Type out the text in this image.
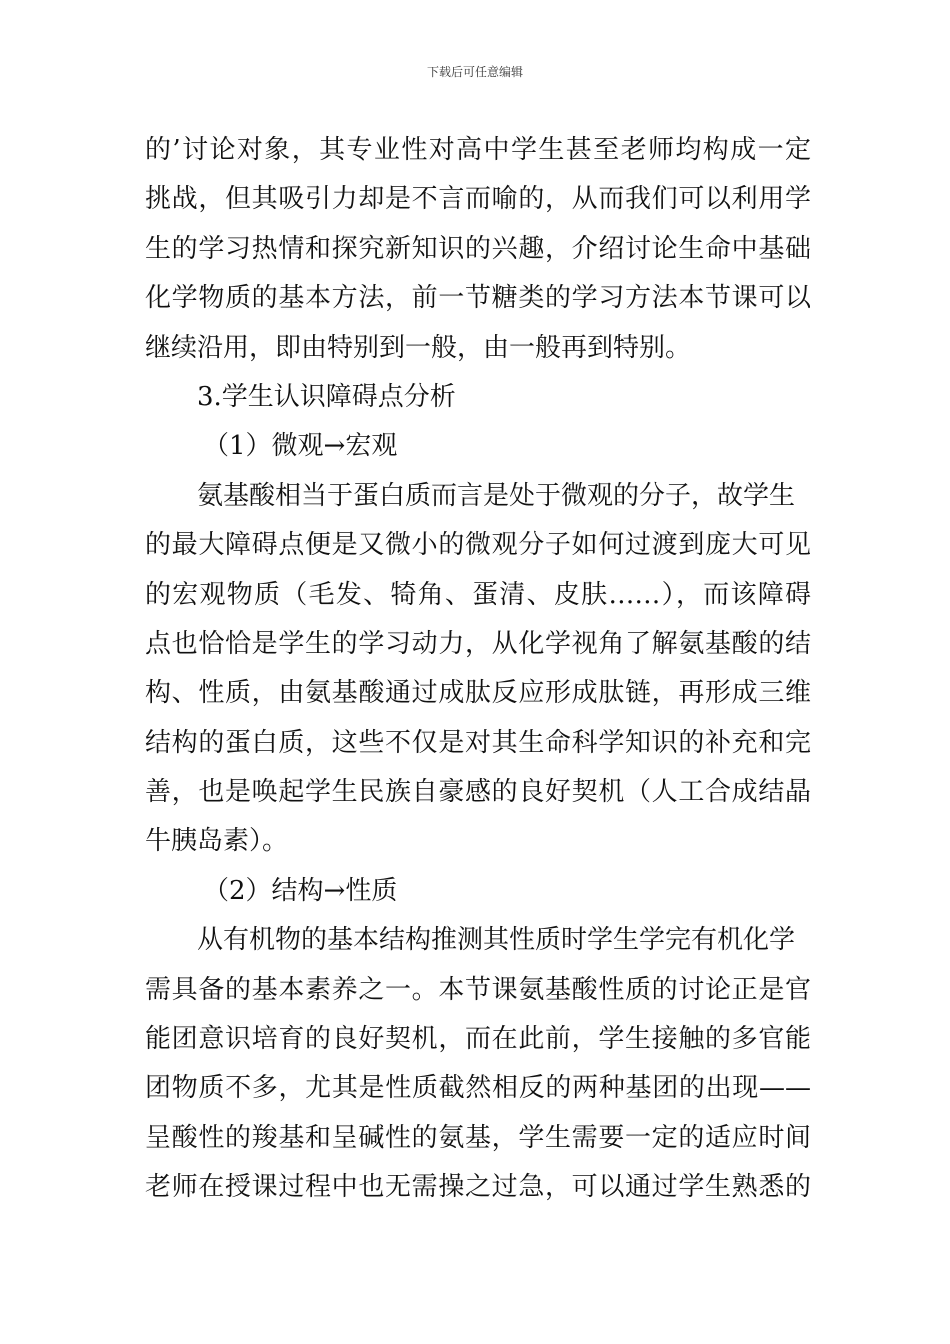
下载后可任意编辑
的’讨论对象，其专业性对高中学生甚至老师均构成一定
挑战，但其吸引力却是不言而喻的，从而我们可以利用学
生的学习热情和探究新知识的兴趣，介绍讨论生命中基础
化学物质的基本方法，前一节糖类的学习方法本节课可以
继续沿用，即由特别到一般，由一般再到特别。
3.学生认识障碍点分析
（1）微观→宏观
氨基酸相当于蛋白质而言是处于微观的分子，故学生
的最大障碍点便是又微小的微观分子如何过渡到庞大可见
的宏观物质（毛发、犄角、蛋清、皮肤……），而该障碍
点也恰恰是学生的学习动力，从化学视角了解氨基酸的结
构、性质，由氨基酸通过成肽反应形成肽链，再形成三维
结构的蛋白质，这些不仅是对其生命科学知识的补充和完
善，也是唤起学生民族自豪感的良好契机（人工合成结晶
牛胰岛素）。
（2）结构→性质
从有机物的基本结构推测其性质时学生学完有机化学
需具备的基本素养之一。本节课氨基酸性质的讨论正是官
能团意识培育的良好契机，而在此前，学生接触的多官能
团物质不多，尤其是性质截然相反的两种基团的出现——
呈酸性的羧基和呈碱性的氨基，学生需要一定的适应时间
老师在授课过程中也无需操之过急，可以通过学生熟悉的
